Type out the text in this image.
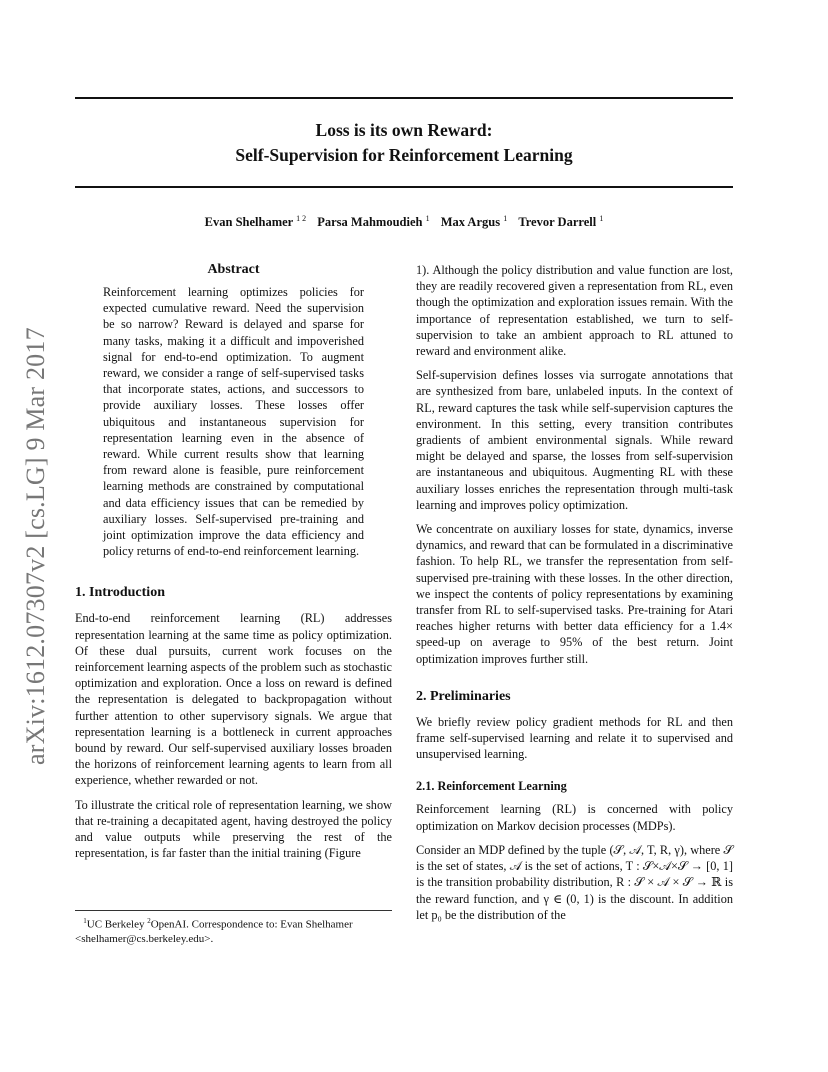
Loss is its own Reward:
Self-Supervision for Reinforcement Learning
Evan Shelhamer $^{1 2}$ Parsa Mahmoudieh $^1$ Max Argus $^1$ Trevor Darrell $^1$
arXiv:1612.07307v2 [cs.LG] 9 Mar 2017
Abstract

Reinforcement learning optimizes policies for expected cumulative reward. Need the supervision be so narrow? Reward is delayed and sparse for many tasks, making it a difficult and impoverished signal for end-to-end optimization. To augment reward, we consider a range of self-supervised tasks that incorporate states, actions, and successors to provide auxiliary losses. These losses offer ubiquitous and instantaneous supervision for representation learning even in the absence of reward. While current results show that learning from reward alone is feasible, pure reinforcement learning methods are constrained by computational and data efficiency issues that can be remedied by auxiliary losses. Self-supervised pre-training and joint optimization improve the data efficiency and policy returns of end-to-end reinforcement learning.

1. Introduction

End-to-end reinforcement learning (RL) addresses representation learning at the same time as policy optimization. Of these dual pursuits, current work focuses on the reinforcement learning aspects of the problem such as stochastic optimization and exploration. Once a loss on reward is defined the representation is delegated to backpropagation without further attention to other supervisory signals. We argue that representation learning is a bottleneck in current approaches bound by reward. Our self-supervised auxiliary losses broaden the horizons of reinforcement learning agents to learn from all experience, whether rewarded or not.

To illustrate the critical role of representation learning, we show that re-training a decapitated agent, having destroyed the policy and value outputs while preserving the rest of the representation, is far faster than the initial training (Figure

$^1$UC Berkeley $^2$OpenAI. Correspondence to: Evan Shelhamer <shelhamer@cs.berkeley.edu>.

1). Although the policy distribution and value function are lost, they are readily recovered given a representation from RL, even though the optimization and exploration issues remain. With the importance of representation established, we turn to self-supervision to take an ambient approach to RL attuned to reward and environment alike.

Self-supervision defines losses via surrogate annotations that are synthesized from bare, unlabeled inputs. In the context of RL, reward captures the task while self-supervision captures the environment. In this setting, every transition contributes gradients of ambient environmental signals. While reward might be delayed and sparse, the losses from self-supervision are instantaneous and ubiquitous. Augmenting RL with these auxiliary losses enriches the representation through multi-task learning and improves policy optimization.

We concentrate on auxiliary losses for state, dynamics, inverse dynamics, and reward that can be formulated in a discriminative fashion. To help RL, we transfer the representation from self-supervised pre-training with these losses. In the other direction, we inspect the contents of policy representations by examining transfer from RL to self-supervised tasks. Pre-training for Atari reaches higher returns with better data efficiency for a 1.4× speed-up on average to 95% of the best return. Joint optimization improves further still.

2. Preliminaries

We briefly review policy gradient methods for RL and then frame self-supervised learning and relate it to supervised and unsupervised learning.

2.1. Reinforcement Learning

Reinforcement learning (RL) is concerned with policy optimization on Markov decision processes (MDPs).

Consider an MDP defined by the tuple (𝒮, 𝒜, T, R, γ), where 𝒮 is the set of states, 𝒜 is the set of actions, T : 𝒮×𝒜×𝒮 → [0, 1] is the transition probability distribution, R : 𝒮 × 𝒜 × 𝒮 → ℝ is the reward function, and γ ∈ (0, 1) is the discount. In addition let p₀ be the distribution of the
